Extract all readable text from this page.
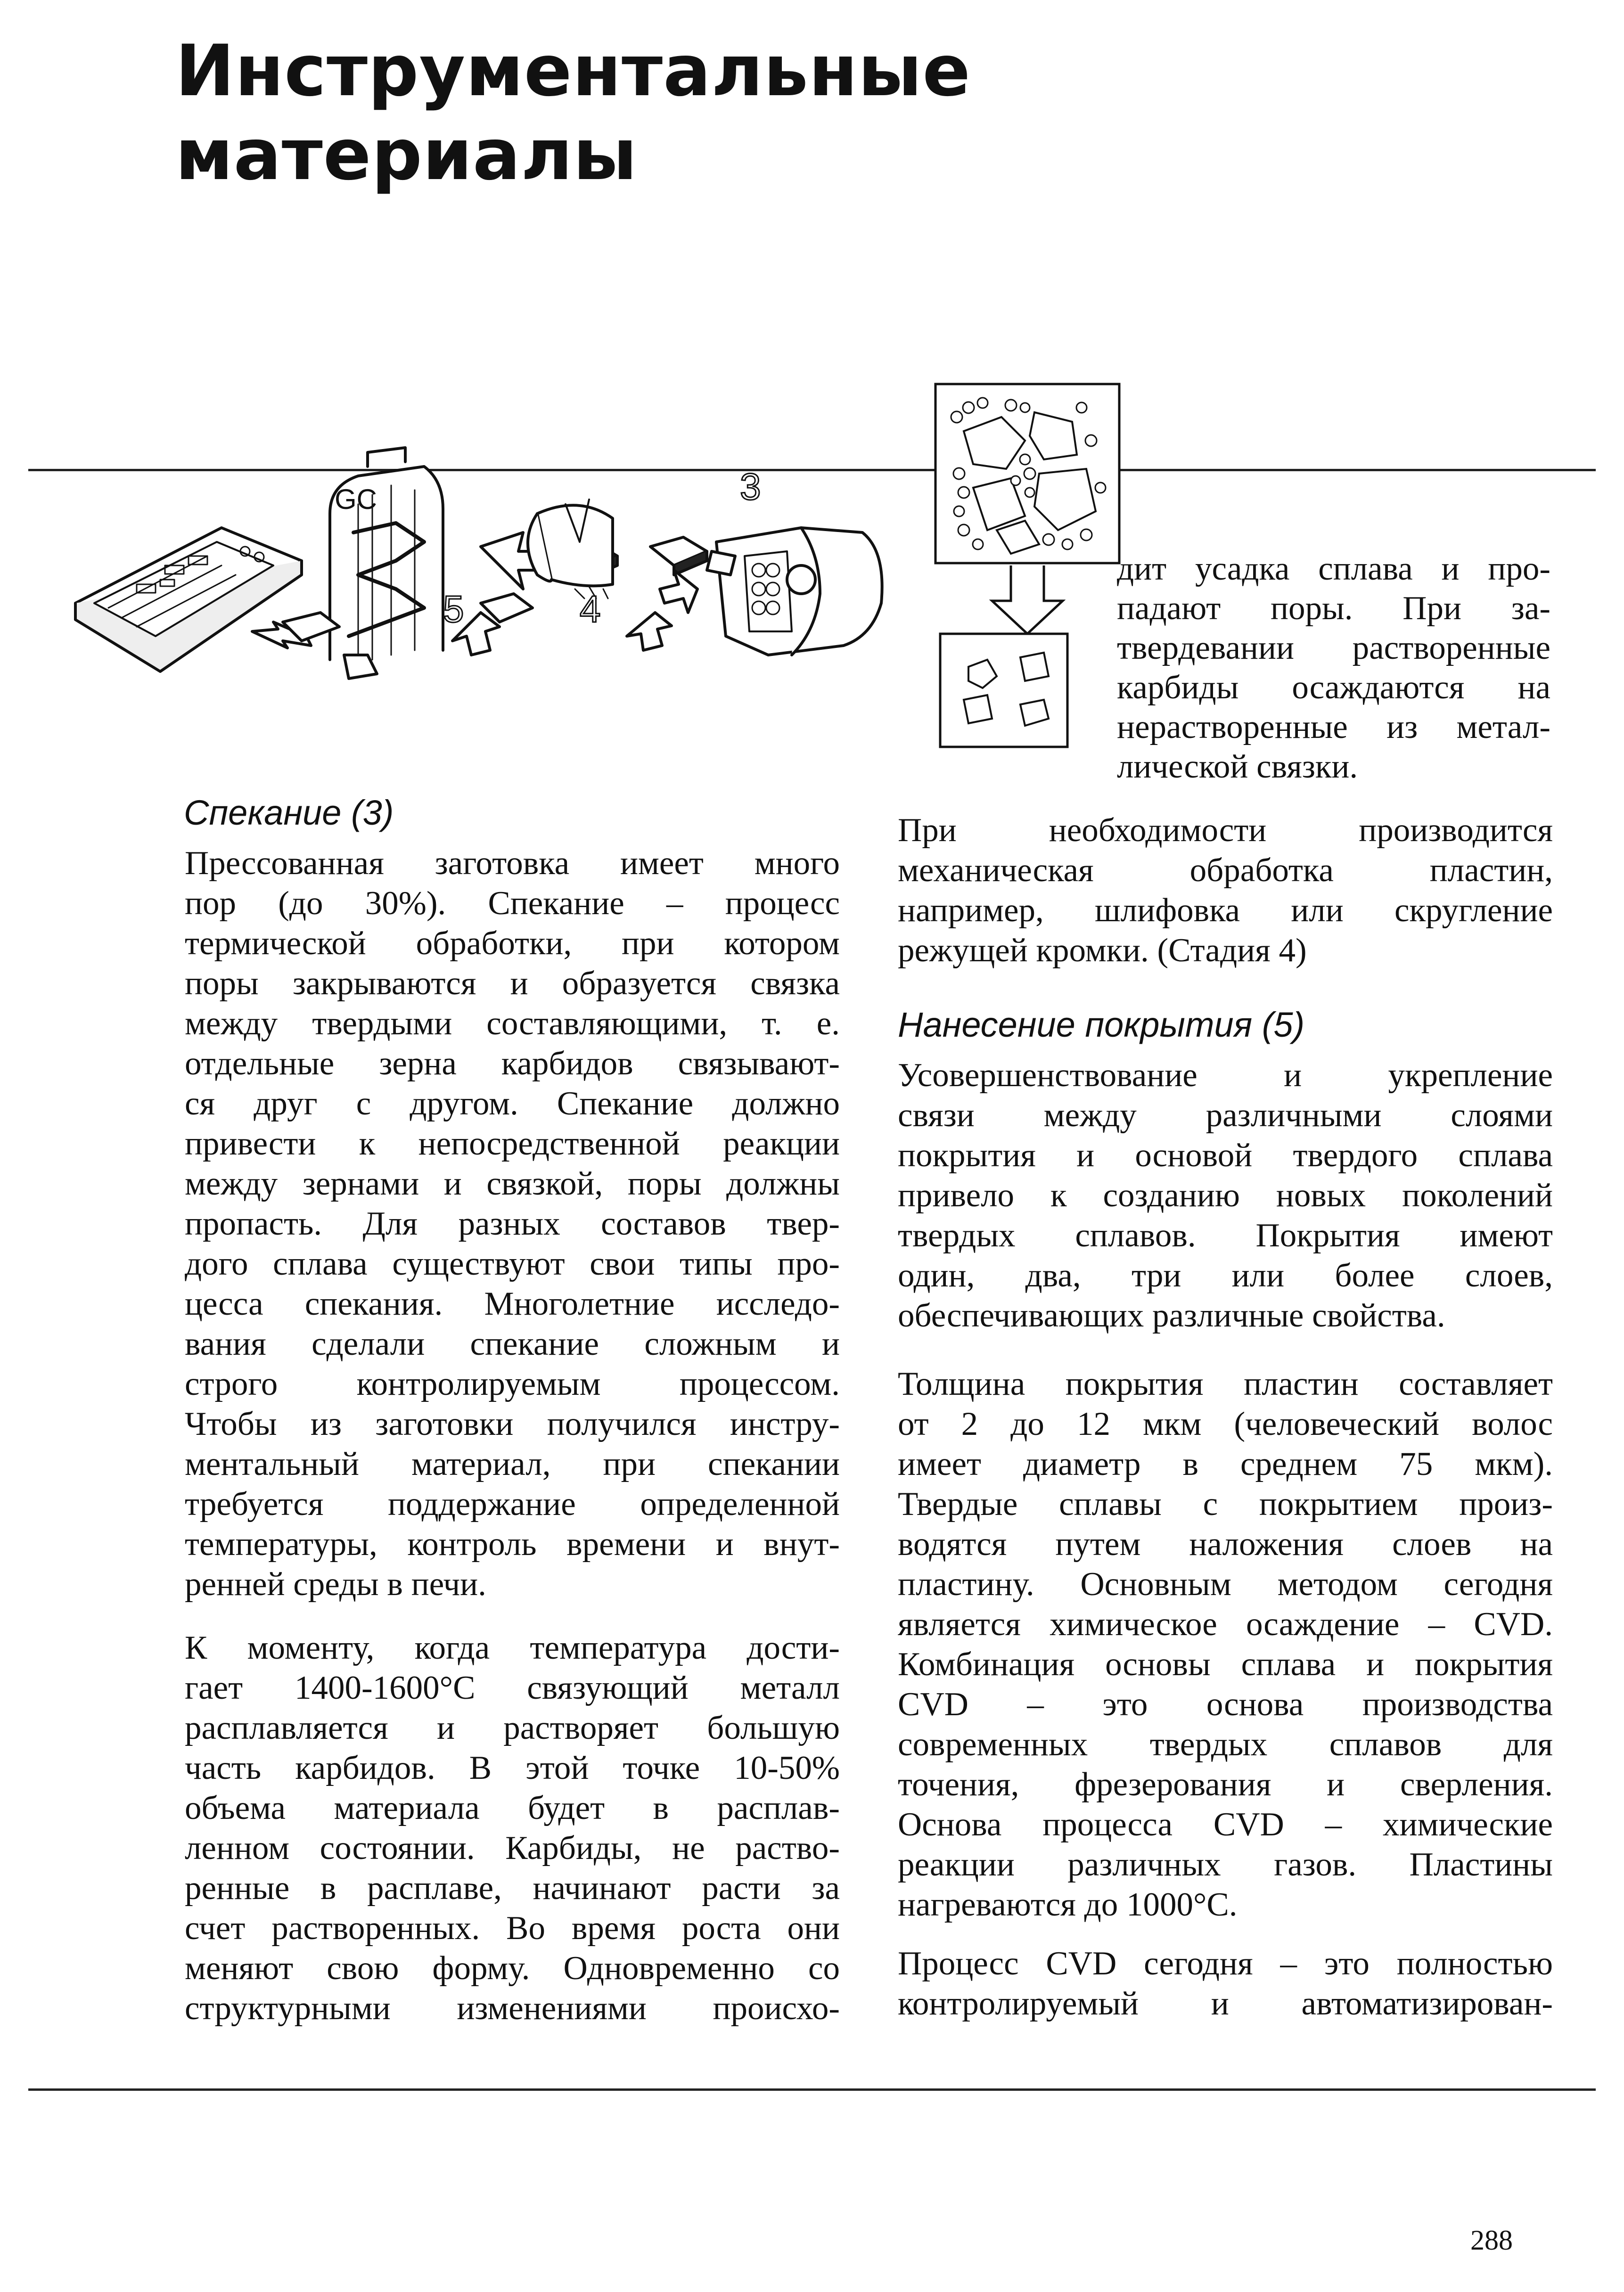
Инструментальные
материалы
GC	3
5	4
дит усадка сплава и про-
падают поры. При за-
твердевании растворенные
карбиды осаждаются на
нерастворенные из метал-
лической связки.
Спекание (3)
Прессованная заготовка имеет много
пор (до 30%). Спекание – процесс
термической обработки, при котором
поры закрываются и образуется связка
между твердыми составляющими, т. е.
отдельные зерна карбидов связывают-
ся друг с другом. Спекание должно
привести к непосредственной реакции
между зернами и связкой, поры должны
пропасть. Для разных составов твер-
дого сплава существуют свои типы про-
цесса спекания. Многолетние исследо-
вания сделали спекание сложным и
строго контролируемым процессом.
Чтобы из заготовки получился инстру-
ментальный материал, при спекании
требуется поддержание определенной
температуры, контроль времени и внут-
ренней среды в печи.
К моменту, когда температура дости-
гает 1400-1600°С связующий металл
расплавляется и растворяет большую
часть карбидов. В этой точке 10-50%
объема материала будет в расплав-
ленном состоянии. Карбиды, не раство-
ренные в расплаве, начинают расти за
счет растворенных. Во время роста они
меняют свою форму. Одновременно со
структурными изменениями происхо-
При необходимости производится
механическая обработка пластин,
например, шлифовка или скругление
режущей кромки. (Стадия 4)
Нанесение покрытия (5)
Усовершенствование и укрепление
связи между различными слоями
покрытия и основой твердого сплава
привело к созданию новых поколений
твердых сплавов. Покрытия имеют
один, два, три или более слоев,
обеспечивающих различные свойства.
Толщина покрытия пластин составляет
от 2 до 12 мкм (человеческий волос
имеет диаметр в среднем 75 мкм).
Твердые сплавы с покрытием произ-
водятся путем наложения слоев на
пластину. Основным методом сегодня
является химическое осаждение – CVD.
Комбинация основы сплава и покрытия
CVD – это основа производства
современных твердых сплавов для
точения, фрезерования и сверления.
Основа процесса CVD – химические
реакции различных газов. Пластины
нагреваются до 1000°С.
Процесс CVD сегодня – это полностью
контролируемый и автоматизирован-
288
